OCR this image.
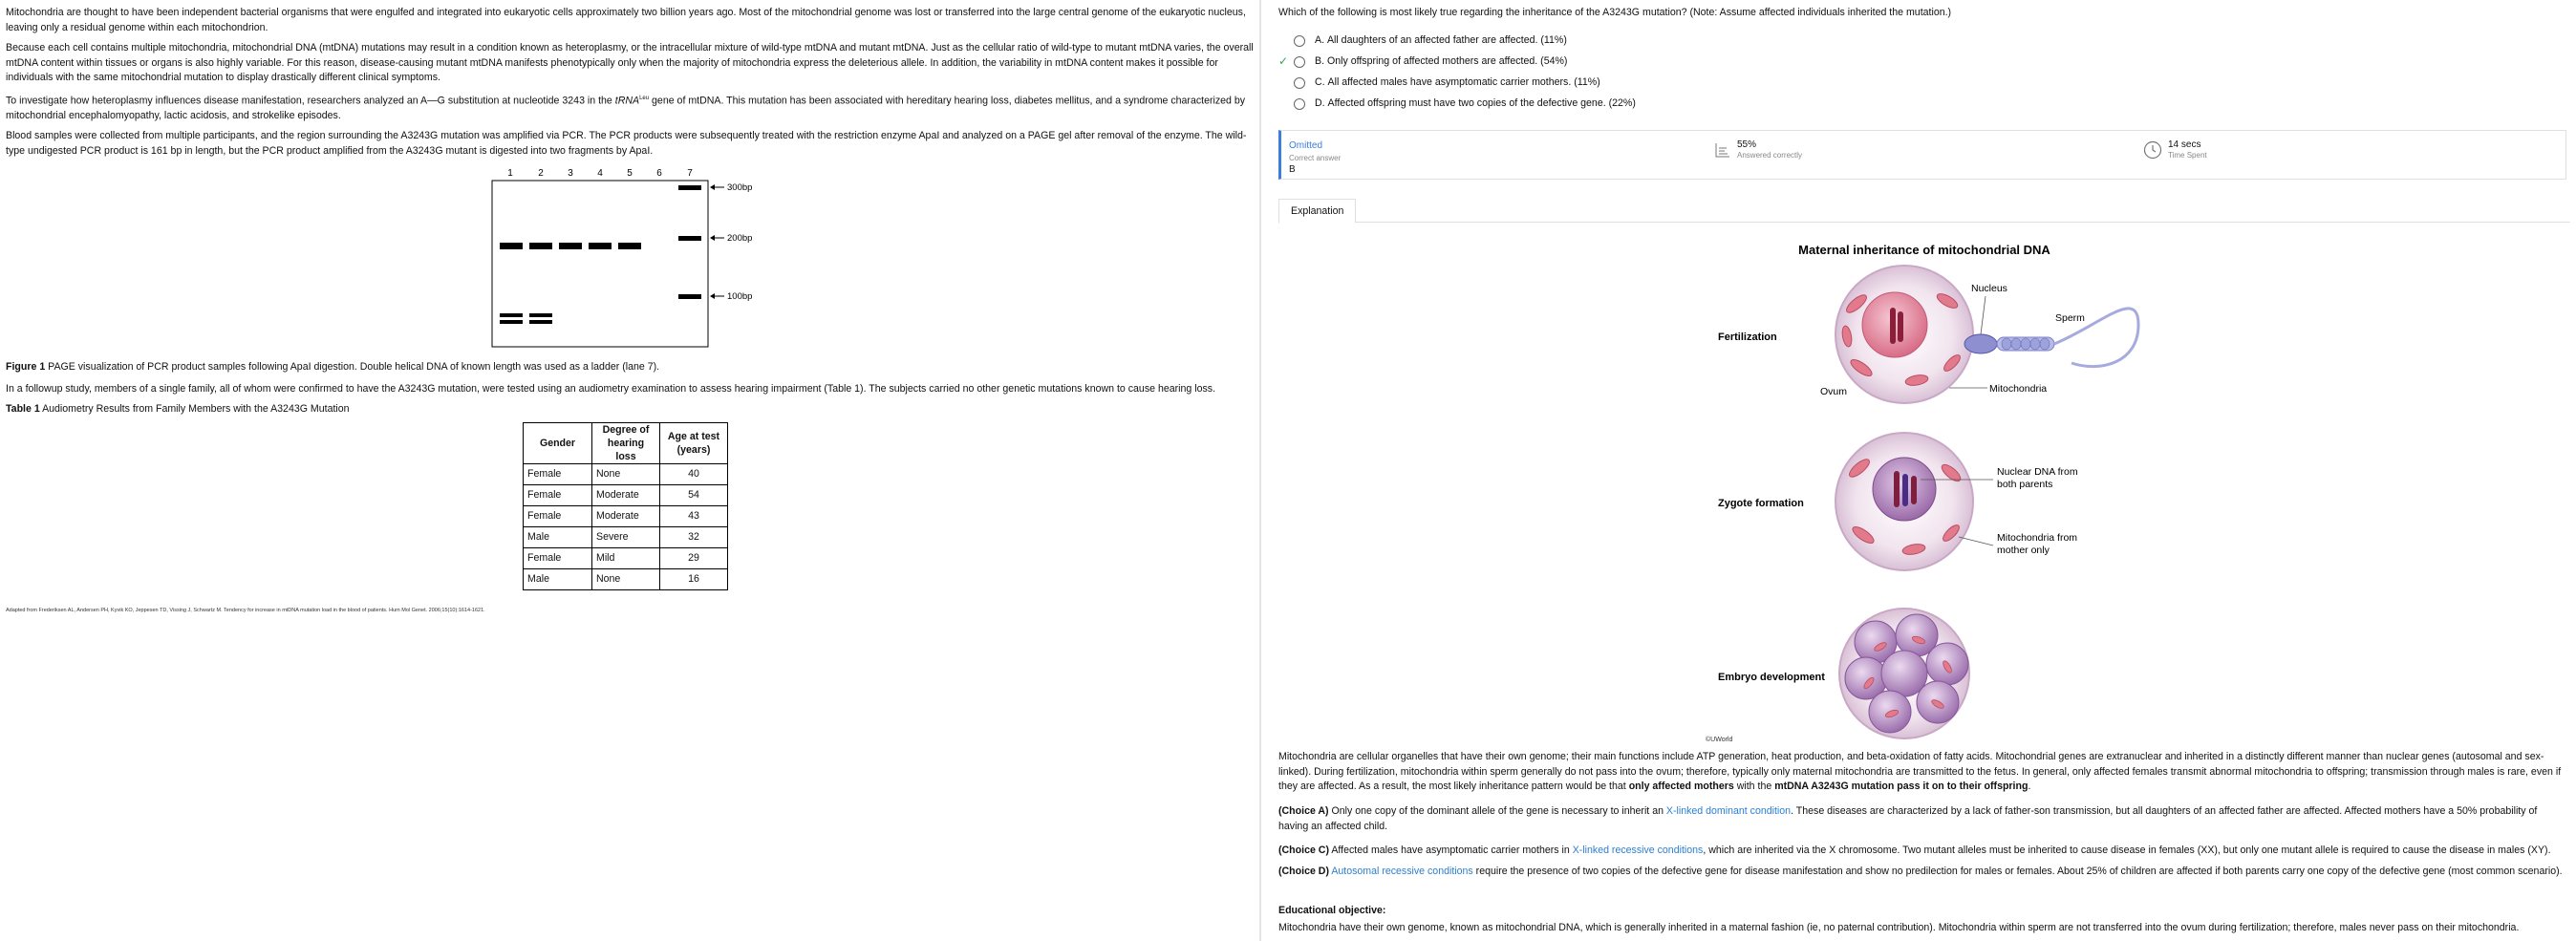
Mitochondria are thought to have been independent bacterial organisms that were engulfed and integrated into eukaryotic cells approximately two billion years ago. Most of the mitochondrial genome was lost or transferred into the large central genome of the eukaryotic nucleus, leaving only a residual genome within each mitochondrion.

Because each cell contains multiple mitochondria, mitochondrial DNA (mtDNA) mutations may result in a condition known as heteroplasmy, or the intracellular mixture of wild-type mtDNA and mutant mtDNA. Just as the cellular ratio of wild-type to mutant mtDNA varies, the overall mtDNA content within tissues or organs is also highly variable. For this reason, disease-causing mutant mtDNA manifests phenotypically only when the majority of mitochondria express the deleterious allele. In addition, the variability in mtDNA content makes it possible for individuals with the same mitochondrial mutation to display drastically different clinical symptoms.

To investigate how heteroplasmy influences disease manifestation, researchers analyzed an A—G substitution at nucleotide 3243 in the tRNA$^{Leu}$ gene of mtDNA. This mutation has been associated with hereditary hearing loss, diabetes mellitus, and a syndrome characterized by mitochondrial encephalomyopathy, lactic acidosis, and strokelike episodes.

Blood samples were collected from multiple participants, and the region surrounding the A3243G mutation was amplified via PCR. The PCR products were subsequently treated with the restriction enzyme ApaI and analyzed on a PAGE gel after removal of the enzyme. The wild-type undigested PCR product is 161 bp in length, but the PCR product amplified from the A3243G mutant is digested into two fragments by ApaI.

1	2	3	4	5	6	7
300bp
200bp
100bp
Figure 1 PAGE visualization of PCR product samples following ApaI digestion. Double helical DNA of known length was used as a ladder (lane 7).
In a followup study, members of a single family, all of whom were confirmed to have the A3243G mutation, were tested using an audiometry examination to assess hearing impairment (Table 1). The subjects carried no other genetic mutations known to cause hearing loss.
Table 1 Audiometry Results from Family Members with the A3243G Mutation
Gender	Degree of hearing loss	Age at test (years)
Female	None	40
Female	Moderate	54
Female	Moderate	43
Male	Severe	32
Female	Mild	29
Male	None	16
Adapted from Frederiksen AL, Andersen PH, Kyvik KO, Jeppesen TD, Vissing J, Schwartz M. Tendency for increase in mtDNA mutation load in the blood of patients. Hum Mol Genet. 2006;15(10):1614-1621.
Which of the following is most likely true regarding the inheritance of the A3243G mutation? (Note: Assume affected individuals inherited the mutation.)
A.
All daughters of an affected father are affected.
(11%)
✓	B.
Only offspring of affected mothers are affected.
(54%)
C.
All affected males have asymptomatic carrier mothers.
(11%)
D.
Affected offspring must have two copies of the defective gene.
(22%)
Omitted
Correct answer
B
55%
Answered correctly
14 secs
Time Spent
Explanation
Maternal inheritance of mitochondrial DNA
Fertilization
Nucleus
Sperm
Ovum	Mitochondria
Zygote formation
Nuclear DNA from
both parents
Mitochondria from
mother only
Embryo development
©UWorld
Mitochondria are cellular organelles that have their own genome; their main functions include ATP generation, heat production, and beta-oxidation of fatty acids. Mitochondrial genes are extranuclear and inherited in a distinctly different manner than nuclear genes (autosomal and sex-linked). During fertilization, mitochondria within sperm generally do not pass into the ovum; therefore, typically only maternal mitochondria are transmitted to the fetus. In general, only affected females transmit abnormal mitochondria to offspring; transmission through males is rare, even if they are affected. As a result, the most likely inheritance pattern would be that only affected mothers with the mtDNA A3243G mutation pass it on to their offspring.
(Choice A) Only one copy of the dominant allele of the gene is necessary to inherit an X-linked dominant condition. These diseases are characterized by a lack of father-son transmission, but all daughters of an affected father are affected. Affected mothers have a 50% probability of having an affected child.
(Choice C) Affected males have asymptomatic carrier mothers in X-linked recessive conditions, which are inherited via the X chromosome. Two mutant alleles must be inherited to cause disease in females (XX), but only one mutant allele is required to cause the disease in males (XY).
(Choice D) Autosomal recessive conditions require the presence of two copies of the defective gene for disease manifestation and show no predilection for males or females. About 25% of children are affected if both parents carry one copy of the defective gene (most common scenario).
Educational objective:
Mitochondria have their own genome, known as mitochondrial DNA, which is generally inherited in a maternal fashion (ie, no paternal contribution). Mitochondria within sperm are not transferred into the ovum during fertilization; therefore, males never pass on their mitochondria.
